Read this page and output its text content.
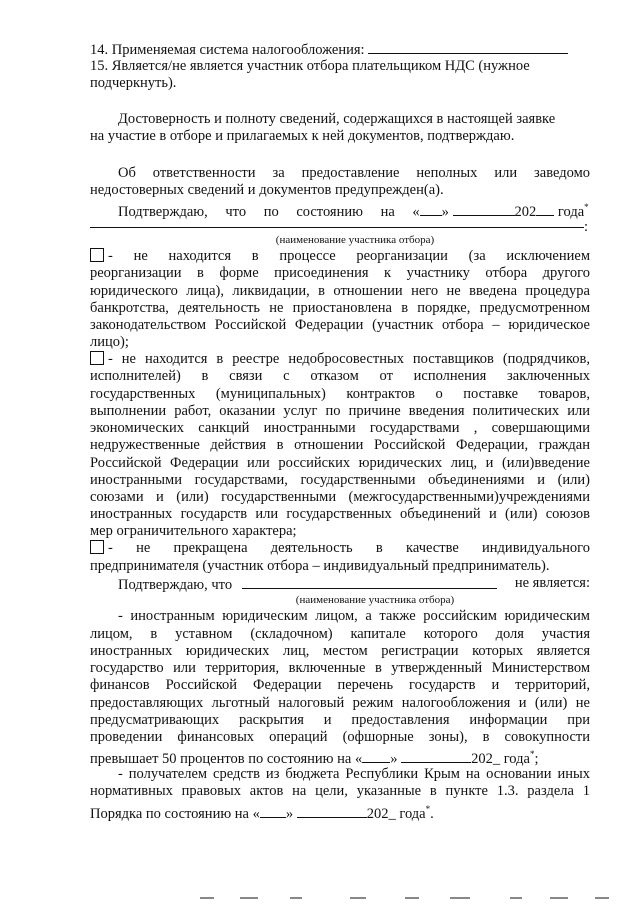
14. Применяемая система налогообложения:
15. Является/не является участник отбора плательщиком НДС (нужное
подчеркнуть).
Достоверность и полноту сведений, содержащихся в настоящей заявке
на участие в отборе и прилагаемых к ней документов, подтверждаю.
Об ответственности за предоставление неполных или заведомо
недостоверных сведений и документов предупрежден(а).
Подтверждаю, что по состоянию на « »	202 года*
:
(наименование участника отбора)
- не находится в процессе реорганизации (за исключением
реорганизации в форме присоединения к участнику отбора другого
юридического лица), ликвидации, в отношении него не введена процедура
банкротства, деятельность не приостановлена в порядке, предусмотренном
законодательством Российской Федерации (участник отбора – юридическое
лицо);
- не находится в реестре недобросовестных поставщиков (подрядчиков,
исполнителей) в связи с отказом от исполнения заключенных
государственных (муниципальных) контрактов о поставке товаров,
выполнении работ, оказании услуг по причине введения политических или
экономических санкций иностранными государствами , совершающими
недружественные действия в отношении Российской Федерации, граждан
Российской Федерации или российских юридических лиц, и (или)введение
иностранными государствами, государственными объединениями и (или)
союзами и (или) государственными (межгосударственными)учреждениями
иностранных государств или государственных объединений и (или) союзов
мер ограничительного характера;
- не прекращена деятельность в качестве индивидуального
предпринимателя (участник отбора – индивидуальный предприниматель).
Подтверждаю, что	не является:
(наименование участника отбора)
- иностранным юридическим лицом, а также российским юридическим
лицом, в уставном (складочном) капитале которого доля участия
иностранных юридических лиц, местом регистрации которых является
государство или территория, включенные в утвержденный Министерством
финансов Российской Федерации перечень государств и территорий,
предоставляющих льготный налоговый режим налогообложения и (или) не
предусматривающих раскрытия и предоставления информации при
проведении финансовых операций (офшорные зоны), в совокупности
превышает 50 процентов по состоянию на « »	202_ года*;
- получателем средств из бюджета Республики Крым на основании иных
нормативных правовых актов на цели, указанные в пункте 1.3. раздела 1
Порядка по состоянию на « »	202_ года*.
